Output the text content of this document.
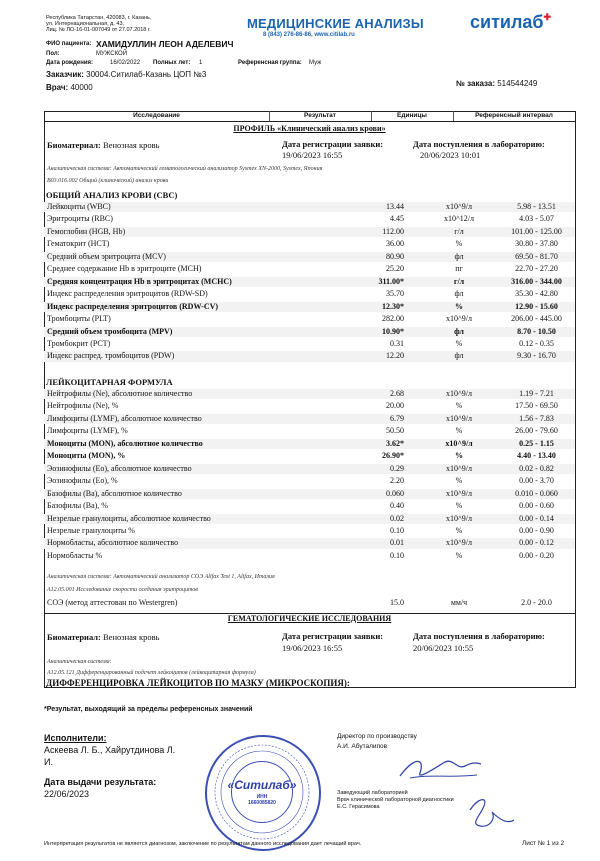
Республика Татарстан, 420083, г. Казань,
ул. Интернациональная, д. 43,
Лиц. № ЛО-16-01-007049 от 27.07.2018 г.	МЕДИЦИНСКИЕ АНАЛИЗЫ
8 (843) 276-86-86, www.citilab.ru
ситилаб✚
ФИО пациента: ХАМИДУЛЛИН ЛЕОН АДЕЛЕВИЧ
Пол:	МУЖСКОЙ
Дата рождения:	16/02/2022 Полных лет: 1	Референсная группа: Муж
Заказчик: 30004.Ситилаб-Казань ЦОП №3
Врач: 40000	№ заказа: 514544249
Исследование	Результат	Единицы	Референсный интервал
ПРОФИЛЬ «Клинический анализ крови»
Биоматериал: Венозная кровь	Дата регистрации заявки:
19/06/2023 16:55
Дата поступления в лабораторию:
20/06/2023 10:01
Аналитическая система: Автоматический гематологический анализатор Sysmex XN-2000, Sysmex, Япония
B03.016.002 Общий (клинический) анализ крови
ОБЩИЙ АНАЛИЗ КРОВИ (CBC)
Лейкоциты (WBC)	13.44	x10^9/л	5.98 - 13.51
Эритроциты (RBC)	4.45	x10^12/л	4.03 - 5.07
Гемоглобин (HGB, Hb)	112.00	г/л	101.00 - 125.00
Гематокрит (HCT)	36.00	%	30.80 - 37.80
Средний объем эритроцита (MCV)	80.90	фл	69.50 - 81.70
Среднее содержание Hb в эритроците (MCH)	25.20	пг	22.70 - 27.20
Средняя концентрация Hb в эритроцитах (MCHC)	311.00*	г/л	316.00 - 344.00
Индекс распределения эритроцитов (RDW-SD)	35.70	фл	35.30 - 42.80
Индекс распределения эритроцитов (RDW-CV)	12.30*	%	12.90 - 15.60
Тромбоциты (PLT)	282.00	x10^9/л	206.00 - 445.00
Средний объем тромбоцита (MPV)	10.90*	фл	8.70 - 10.50
Тромбокрит (PCT)	0.31	%	0.12 - 0.35
Индекс распред. тромбоцитов (PDW)	12.20	фл	9.30 - 16.70
ЛЕЙКОЦИТАРНАЯ ФОРМУЛА
Нейтрофилы (Ne), абсолютное количество	2.68	x10^9/л	1.19 - 7.21
Нейтрофилы (Ne), %	20.00	%	17.50 - 69.50
Лимфоциты (LYMF), абсолютное количество	6.79	x10^9/л	1.56 - 7.83
Лимфоциты (LYMF), %	50.50	%	26.00 - 79.60
Моноциты (MON), абсолютное количество	3.62*	x10^9/л	0.25 - 1.15
Моноциты (MON), %	26.90*	%	4.40 - 13.40
Эозинофилы (Eo), абсолютное количество	0.29	x10^9/л	0.02 - 0.82
Эозинофилы (Eo), %	2.20	%	0.00 - 3.70
Базофилы (Ba), абсолютное количество	0.060	x10^9/л	0.010 - 0.060
Базофилы (Ba), %	0.40	%	0.00 - 0.60
Незрелые гранулоциты, абсолютное количество	0.02	x10^9/л	0.00 - 0.14
Незрелые гранулоциты %	0.10	%	0.00 - 0.90
Нормобласты, абсолютное количество	0.01	x10^9/л	0.00 - 0.12
Нормобласты %	0.10	%	0.00 - 0.20
Аналитическая система: Автоматический анализатор СОЭ Alifax Test 1, Alifax, Италия
A12.05.001 Исследование скорости оседания эритроцитов
СОЭ (метод аттестован по Westergren)	15.0	мм/ч	2.0 - 20.0
ГЕМАТОЛОГИЧЕСКИЕ ИССЛЕДОВАНИЯ
Биоматериал: Венозная кровь	Дата регистрации заявки:
19/06/2023 16:55
Дата поступления в лабораторию:
20/06/2023 10:55
Аналитическая система:
A12.05.121 Дифференцированный подсчет лейкоцитов (лейкоцитарная формула)
ДИФФЕРЕНЦИРОВКА ЛЕЙКОЦИТОВ ПО МАЗКУ (МИКРОСКОПИЯ):
*Результат, выходящий за пределы референсных значений
Исполнители:
Аскеева Л. Б., Хайрутдинова Л.
И.
Дата выдачи результата:
22/06/2023
Директор по производству
А.И. Абуталипов
Заведующий лабораторией
Врач клинической лабораторной диагностики
Е.С. Герасимова
«Ситилаб»
ИНН
1660085820
Интерпретация результатов не является диагнозом, заключение по результатам данного исследования дает лечащий врач.	Лист № 1 из 2
